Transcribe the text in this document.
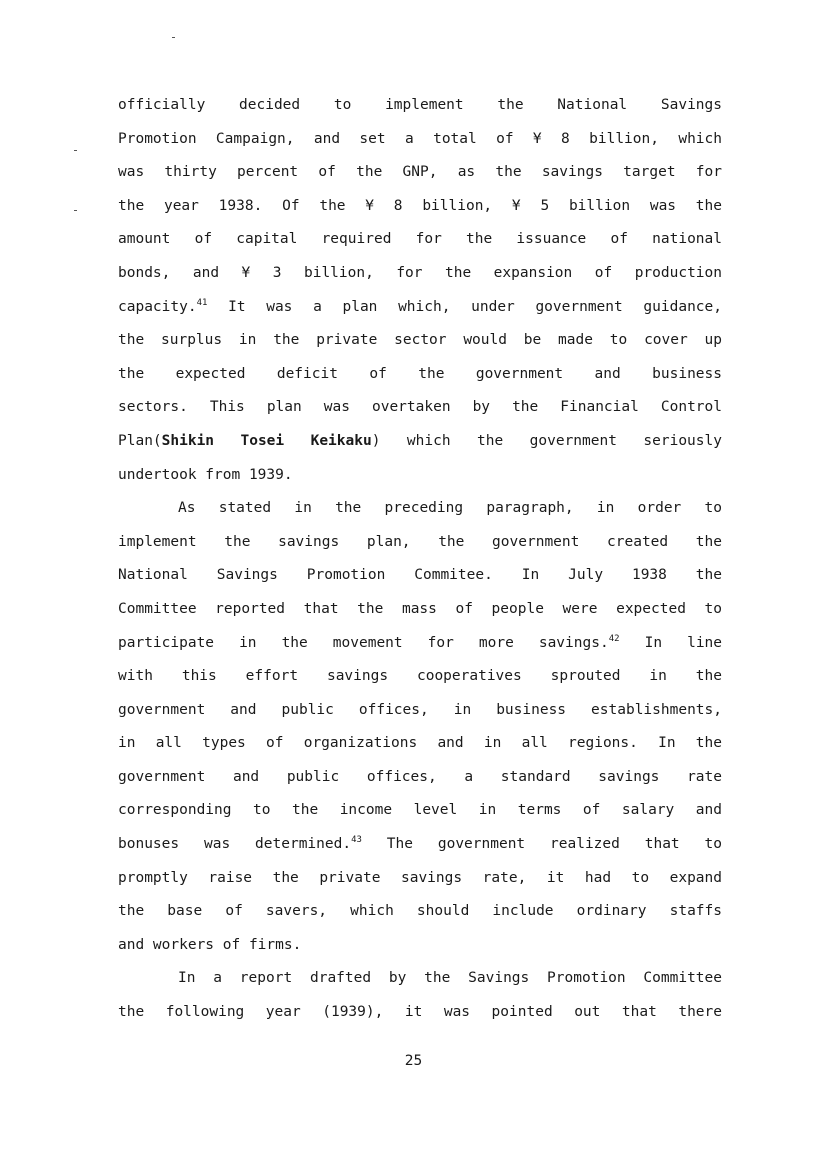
officially decided to implement the National Savings
Promotion Campaign, and set a total of ¥ 8 billion, which
was thirty percent of the GNP, as the savings target for
the year 1938. Of the ¥ 8 billion, ¥ 5 billion was the
amount of capital required for the issuance of national
bonds, and ¥ 3 billion, for the expansion of production
capacity.$^{41}$ It was a plan which, under government guidance,
the surplus in the private sector would be made to cover up
the expected deficit of the government and business
sectors. This plan was overtaken by the Financial Control
Plan(Shikin Tosei Keikaku) which the government seriously
undertook from 1939.
As stated in the preceding paragraph, in order to
implement the savings plan, the government created the
National Savings Promotion Commitee. In July 1938 the
Committee reported that the mass of people were expected to
participate in the movement for more savings.$^{42}$ In line
with this effort savings cooperatives sprouted in the
government and public offices, in business establishments,
in all types of organizations and in all regions. In the
government and public offices, a standard savings rate
corresponding to the income level in terms of salary and
bonuses was determined.$^{43}$ The government realized that to
promptly raise the private savings rate, it had to expand
the base of savers, which should include ordinary staffs
and workers of firms.
In a report drafted by the Savings Promotion Committee
the following year (1939), it was pointed out that there
25
